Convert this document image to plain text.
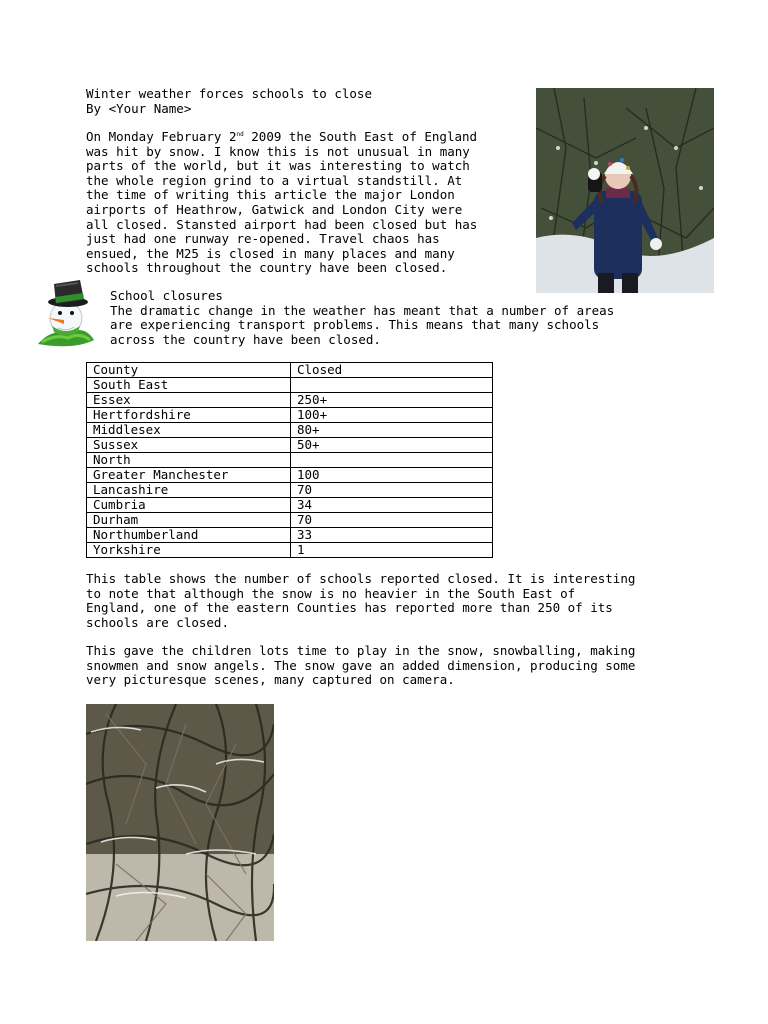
Winter weather forces schools to close
By <Your Name>
On Monday February 2nd 2009 the South East of England
was hit by snow. I know this is not unusual in many
parts of the world, but it was interesting to watch
the whole region grind to a virtual standstill. At
the time of writing this article the major London
airports of Heathrow, Gatwick and London City were
all closed. Stansted airport had been closed but has
just had one runway re-opened. Travel chaos has
ensued, the M25 is closed in many places and many
schools throughout the country have been closed.
School closures
The dramatic change in the weather has meant that a number of areas
are experiencing transport problems. This means that many schools
across the country have been closed.
County	Closed
South East	
Essex	250+
Hertfordshire	100+
Middlesex	80+
Sussex	50+
North	
Greater Manchester	100
Lancashire	70
Cumbria	34
Durham	70
Northumberland	33
Yorkshire	1
This table shows the number of schools reported closed. It is interesting
to note that although the snow is no heavier in the South East of
England, one of the eastern Counties has reported more than 250 of its
schools are closed.
This gave the children lots time to play in the snow, snowballing, making
snowmen and snow angels. The snow gave an added dimension, producing some
very picturesque scenes, many captured on camera.
